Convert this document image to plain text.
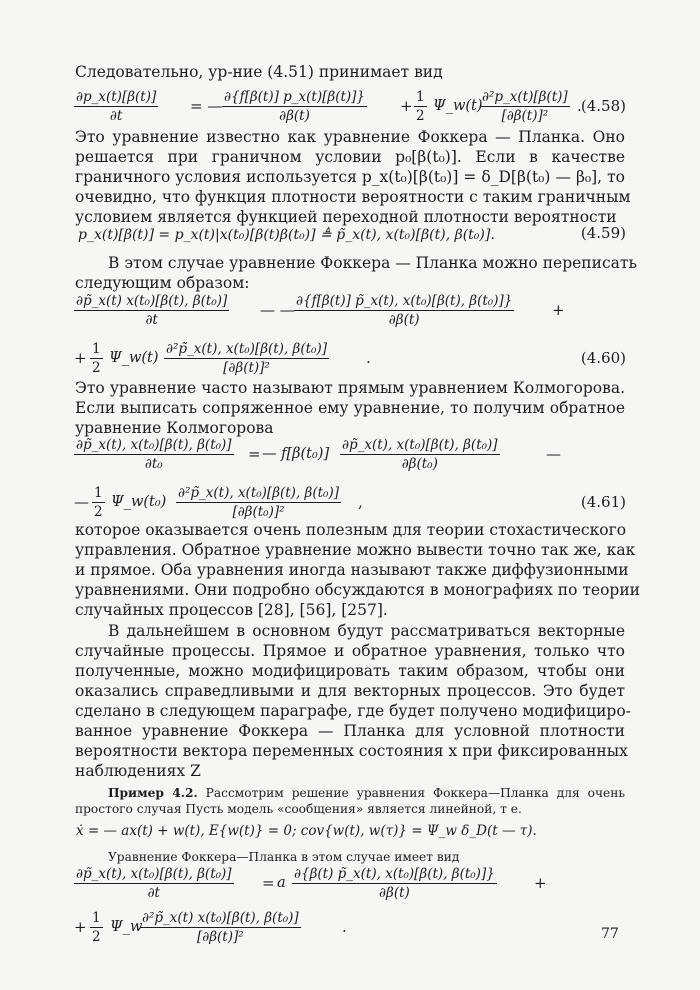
Следовательно, ур-ние (4.51) принимает вид
$\frac{\partial p\_x(t)[\beta(t)]}{\partial t}$ = — $\frac{\partial\{f[\beta(t)] p\_x(t)[\beta(t)]\}}{\partial\beta(t)} + \frac{1}{2}$ Ψ_w(t)
$\frac{\text{∂²p\_x(t)[β(t)]}}{\text{[∂β(t)]²}}$ . (4.58)
Это уравнение известно как уравнение Фоккера — Планка. Оно
решается при граничном условии p₀[β(t₀)]. Если в качестве
граничного условия используется p_x(t₀)[β(t₀)] = δ_D[β(t₀) — β₀], то
очевидно, что функция плотности вероятности с таким граничным
условием является функцией переходной плотности вероятности
p_x(t)[β(t)] = p_x(t)|x(t₀)[β(t)β(t₀)] ≜ p̃_x(t), x(t₀)[β(t), β(t₀)].	(4.59)
В этом случае уравнение Фоккера — Планка можно переписать
следующим образом:
$\frac{\text{∂p̃\_x(t) x(t₀)[β(t), β(t₀)]}}{\partial t}$ — — $\frac{\text{∂\{f[β(t)] p̃\_x(t), x(t₀)[β(t), β(t₀)]\}}}{\partial\beta(t)}$	+
+ $\frac{1}{2}$ Ψ_w(t) $\frac{\text{∂²p̃\_x(t), x(t₀)[β(t), β(t₀)]}}{\text{[∂β(t)]²}}$ .	(4.60)
Это уравнение часто называют прямым уравнением Колмогорова.
Если выписать сопряженное ему уравнение, то получим обратное
уравнение Колмогорова
$\frac{\text{∂p̃\_x(t), x(t₀)[β(t), β(t₀)]}}{\text{∂t₀}}$ = — $f[\beta(t_0)] \frac{\text{∂p̃\_x(t), x(t₀)[β(t), β(t₀)]}}{\text{∂β(t₀)}}$	—
— $\frac{1}{2}$ Ψ_w(t₀) $\frac{\text{∂²p̃\_x(t), x(t₀)[β(t), β(t₀)]}}{\text{[∂β(t₀)]²}}$ ,	(4.61)
которое оказывается очень полезным для теории стохастического
управления. Обратное уравнение можно вывести точно так же, как
и прямое. Оба уравнения иногда называют также диффузионными
уравнениями. Они подробно обсуждаются в монографиях по теории
случайных процессов [28], [56], [257].
В дальнейшем в основном будут рассматриваться векторные
случайные процессы. Прямое и обратное уравнения, только что
полученные, можно модифицировать таким образом, чтобы они
оказались справедливыми и для векторных процессов. Это будет
сделано в следующем параграфе, где будет получено модифициро-
ванное уравнение Фоккера — Планка для условной плотности
вероятности вектора переменных состояния x при фиксированных
наблюдениях Z
Пример 4.2. Рассмотрим решение уравнения Фоккера—Планка для очень
простого случая Пусть модель «сообщения» является линейной, т е.
ẋ = — ax(t) + w(t), E{w(t)} = 0; cov{w(t), w(τ)} = Ψ_w δ_D(t — τ).
Уравнение Фоккера—Планка в этом случае имеет вид
$\frac{\text{∂p̃\_x(t), x(t₀)[β(t), β(t₀)]}}{\partial t} = a \frac{\text{∂\{β(t) p̃\_x(t), x(t₀)[β(t), β(t₀)]\}}}{\partial\beta(t)}$ +
+ $\frac{1}{2}$ Ψ_w
$\frac{\text{∂²p̃\_x(t) x(t₀)[β(t), β(t₀)]}}{\text{[∂β(t)]²}}$	.	77
